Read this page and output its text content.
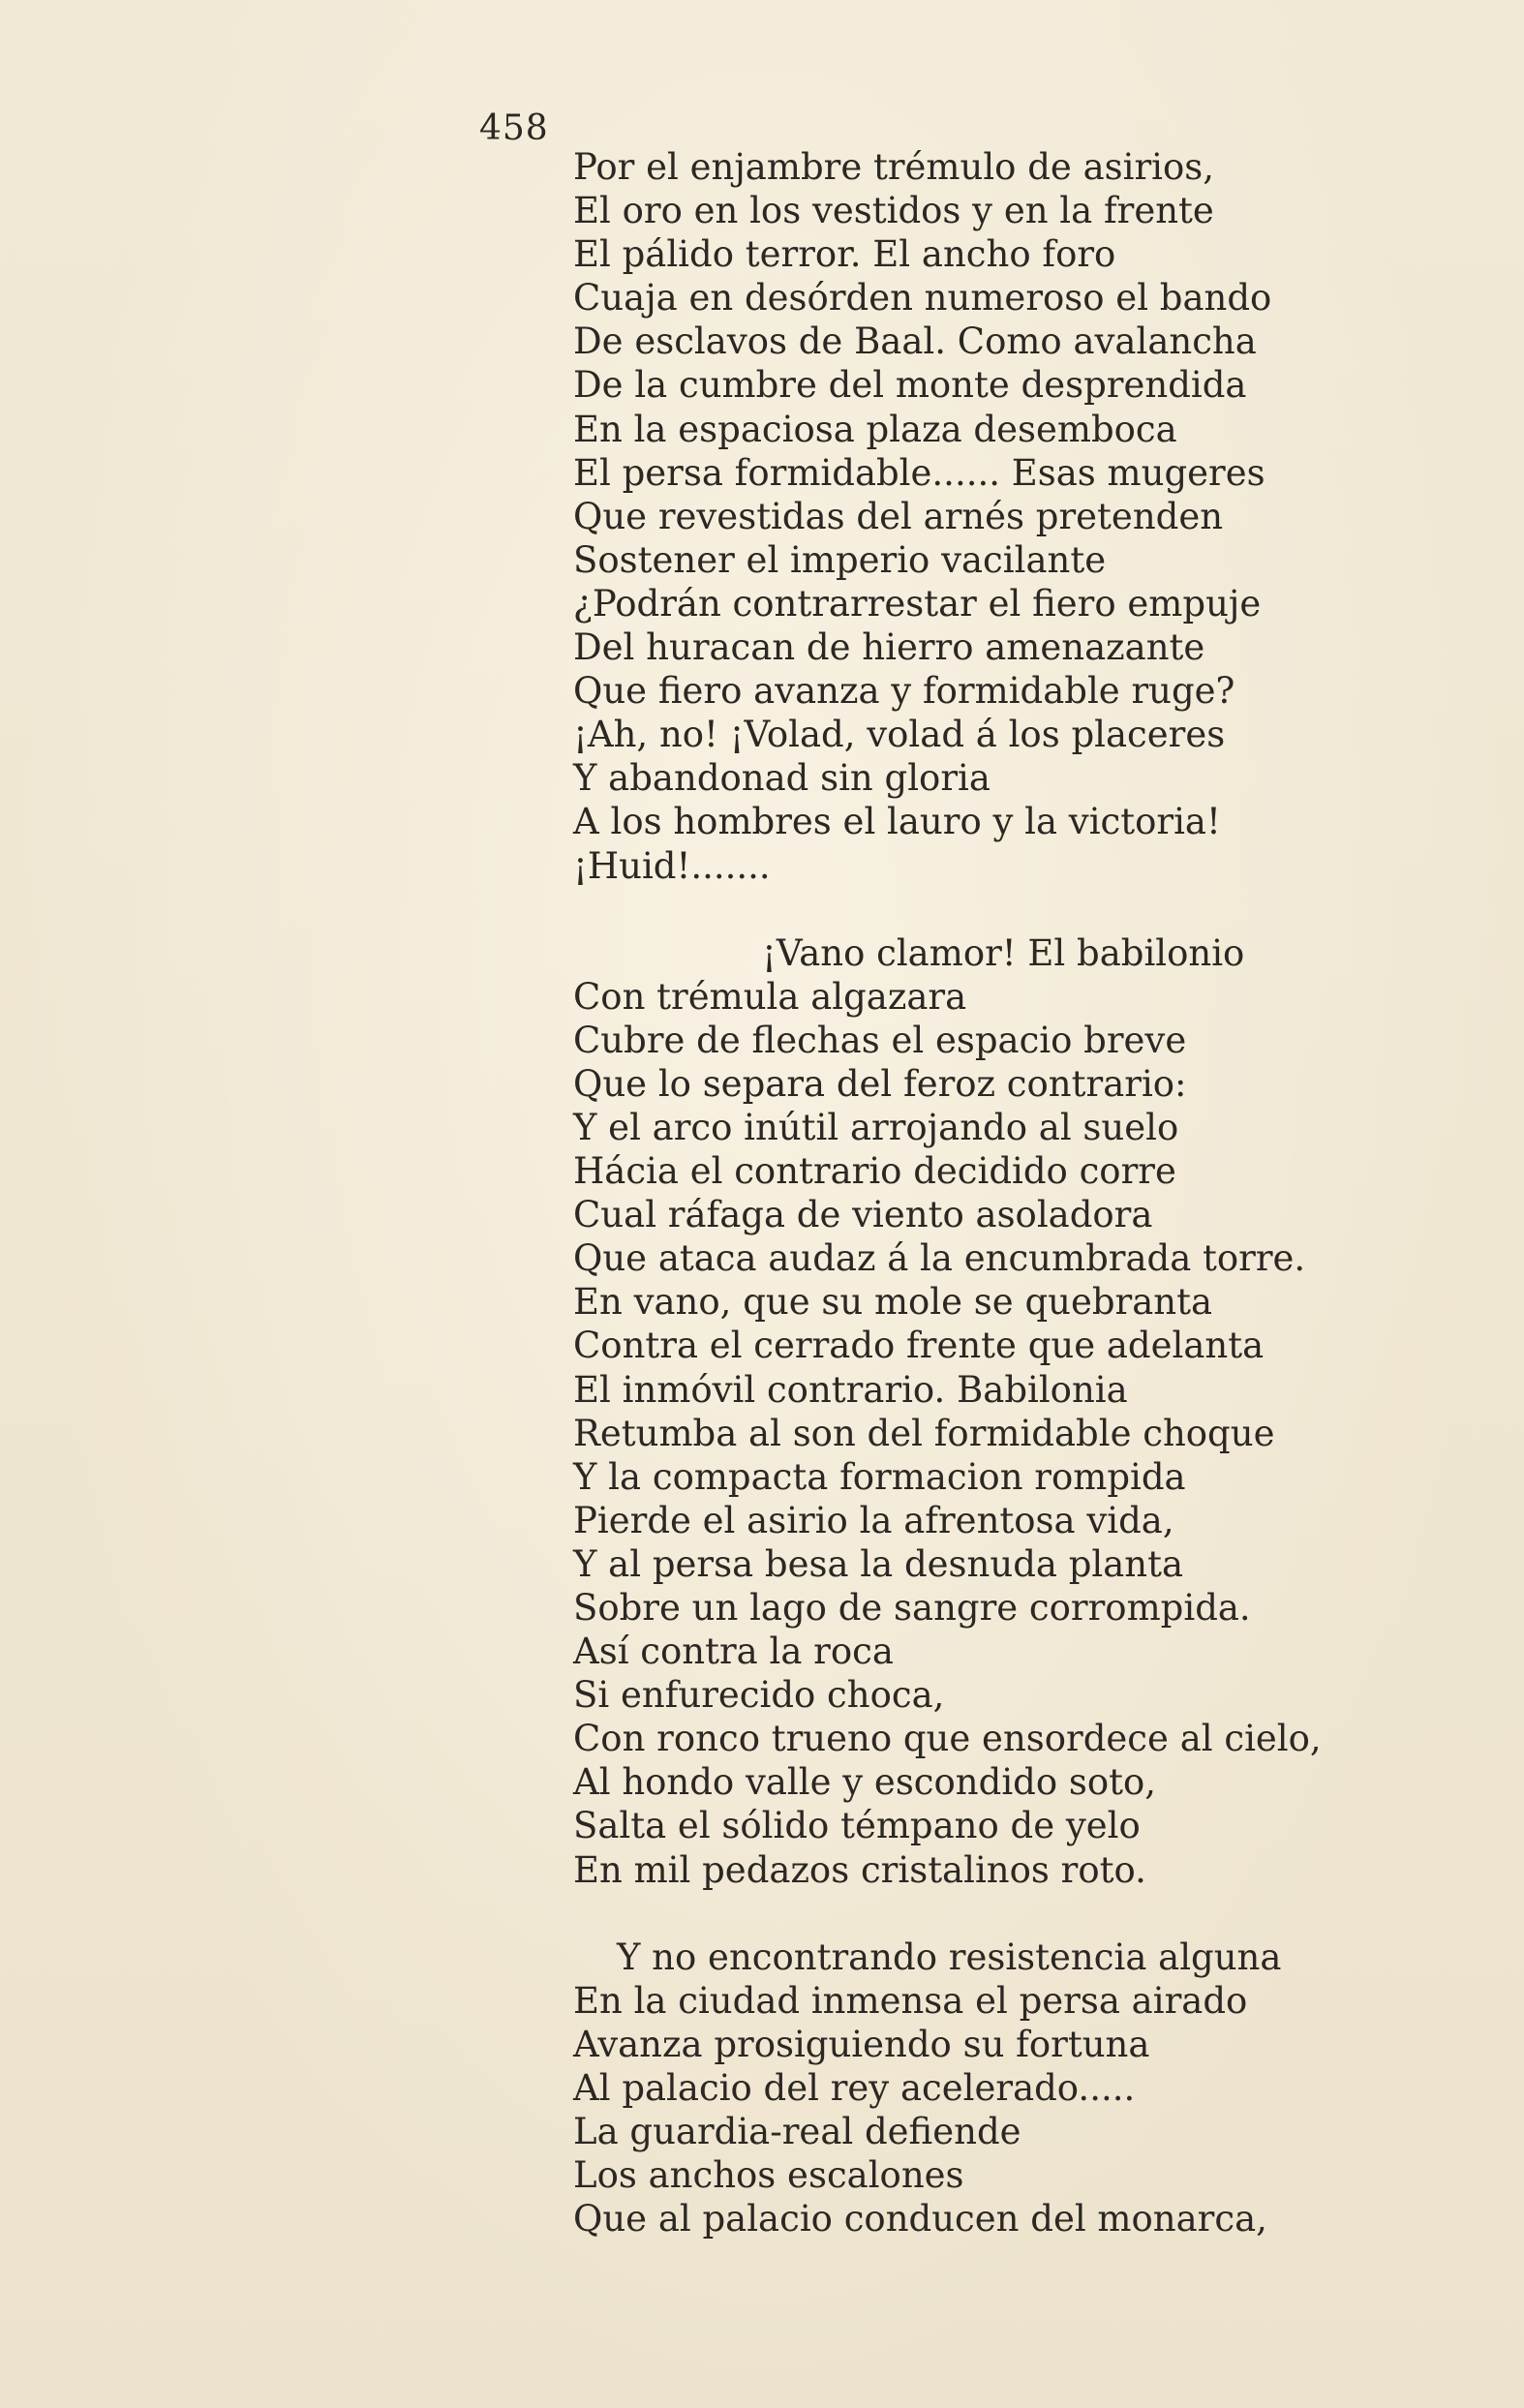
458
Por el enjambre trémulo de asirios,
El oro en los vestidos y en la frente
El pálido terror. El ancho foro
Cuaja en desórden numeroso el bando
De esclavos de Baal. Como avalancha
De la cumbre del monte desprendida
En la espaciosa plaza desemboca
El persa formidable...... Esas mugeres
Que revestidas del arnés pretenden
Sostener el imperio vacilante
¿Podrán contrarrestar el fiero empuje
Del huracan de hierro amenazante
Que fiero avanza y formidable ruge?
¡Ah, no! ¡Volad, volad á los placeres
Y abandonad sin gloria
A los hombres el lauro y la victoria!
¡Huid!.......
¡Vano clamor! El babilonio
Con trémula algazara
Cubre de flechas el espacio breve
Que lo separa del feroz contrario:
Y el arco inútil arrojando al suelo
Hácia el contrario decidido corre
Cual ráfaga de viento asoladora
Que ataca audaz á la encumbrada torre.
En vano, que su mole se quebranta
Contra el cerrado frente que adelanta
El inmóvil contrario. Babilonia
Retumba al son del formidable choque
Y la compacta formacion rompida
Pierde el asirio la afrentosa vida,
Y al persa besa la desnuda planta
Sobre un lago de sangre corrompida.
Así contra la roca
Si enfurecido choca,
Con ronco trueno que ensordece al cielo,
Al hondo valle y escondido soto,
Salta el sólido témpano de yelo
En mil pedazos cristalinos roto.
Y no encontrando resistencia alguna
En la ciudad inmensa el persa airado
Avanza prosiguiendo su fortuna
Al palacio del rey acelerado.....
La guardia-real defiende
Los anchos escalones
Que al palacio conducen del monarca,
